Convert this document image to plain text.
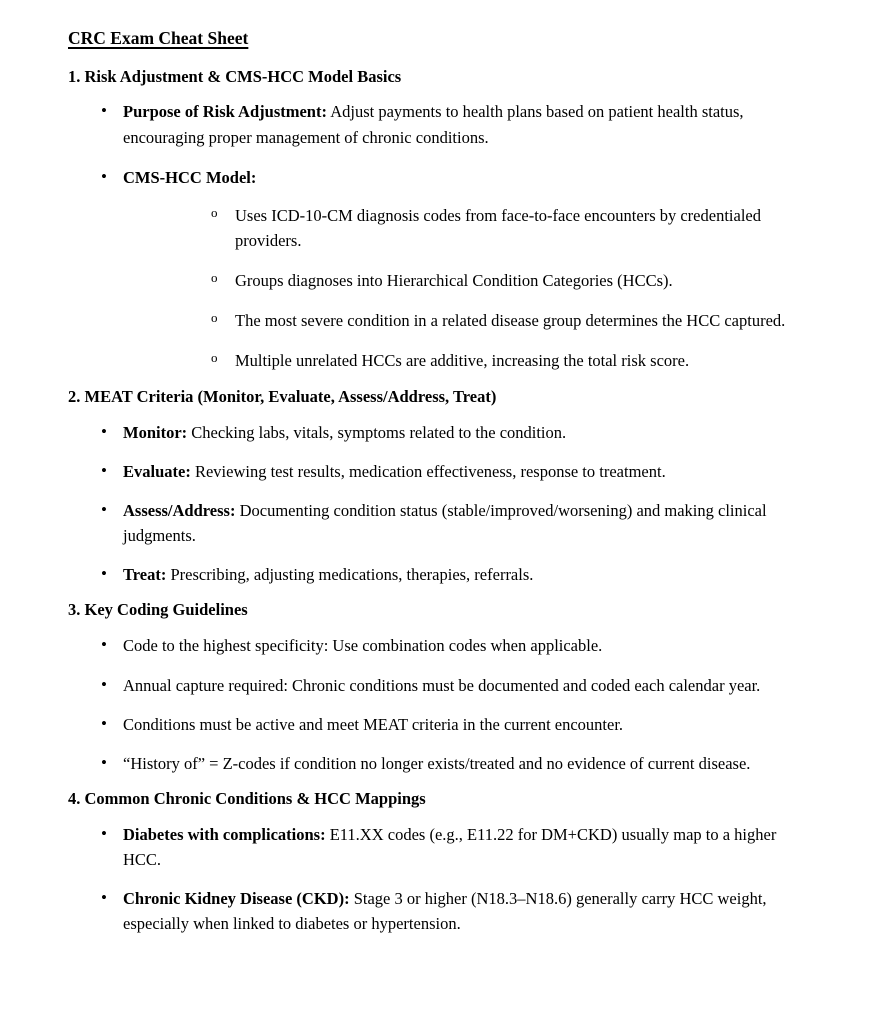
CRC Exam Cheat Sheet
1. Risk Adjustment & CMS-HCC Model Basics
• Purpose of Risk Adjustment: Adjust payments to health plans based on patient health status, encouraging proper management of chronic conditions.
• CMS-HCC Model:
o Uses ICD-10-CM diagnosis codes from face-to-face encounters by credentialed providers.
o Groups diagnoses into Hierarchical Condition Categories (HCCs).
o The most severe condition in a related disease group determines the HCC captured.
o Multiple unrelated HCCs are additive, increasing the total risk score.
2. MEAT Criteria (Monitor, Evaluate, Assess/Address, Treat)
• Monitor: Checking labs, vitals, symptoms related to the condition.
• Evaluate: Reviewing test results, medication effectiveness, response to treatment.
• Assess/Address: Documenting condition status (stable/improved/worsening) and making clinical judgments.
• Treat: Prescribing, adjusting medications, therapies, referrals.
3. Key Coding Guidelines
• Code to the highest specificity: Use combination codes when applicable.
• Annual capture required: Chronic conditions must be documented and coded each calendar year.
• Conditions must be active and meet MEAT criteria in the current encounter.
• “History of” = Z-codes if condition no longer exists/treated and no evidence of current disease.
4. Common Chronic Conditions & HCC Mappings
• Diabetes with complications: E11.XX codes (e.g., E11.22 for DM+CKD) usually map to a higher HCC.
• Chronic Kidney Disease (CKD): Stage 3 or higher (N18.3–N18.6) generally carry HCC weight, especially when linked to diabetes or hypertension.
